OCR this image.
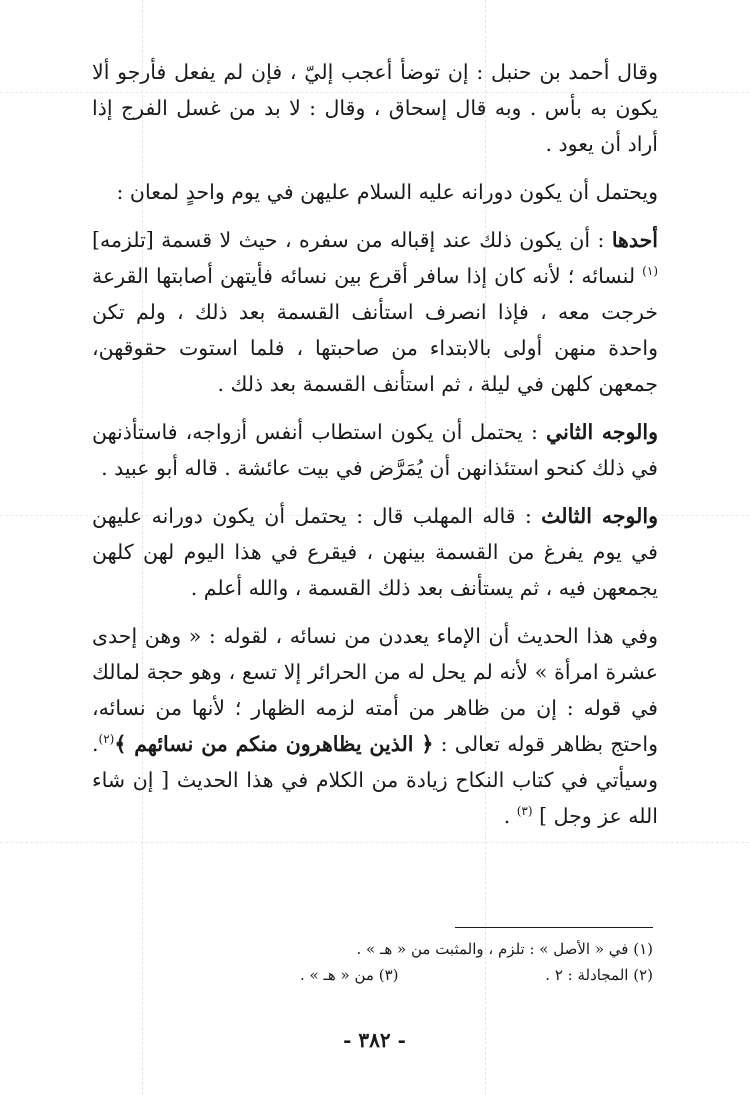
وقال أحمد بن حنبل : إن توضأ أعجب إليّ ، فإن لم يفعل فأرجو ألا يكون به بأس . وبه قال إسحاق ، وقال : لا بد من غسل الفرج إذا أراد أن يعود .

ويحتمل أن يكون دورانه عليه السلام عليهن في يوم واحدٍ لمعان :

أحدها : أن يكون ذلك عند إقباله من سفره ، حيث لا قسمة [تلزمه] $^{(١)}$ لنسائه ؛ لأنه كان إذا سافر أقرع بين نسائه فأيتهن أصابتها القرعة خرجت معه ، فإذا انصرف استأنف القسمة بعد ذلك ، ولم تكن واحدة منهن أولى بالابتداء من صاحبتها ، فلما استوت حقوقهن، جمعهن كلهن في ليلة ، ثم استأنف القسمة بعد ذلك .

والوجه الثاني : يحتمل أن يكون استطاب أنفس أزواجه، فاستأذنهن في ذلك كنحو استئذانهن أن يُمَرَّض في بيت عائشة . قاله أبو عبيد .

والوجه الثالث : قاله المهلب قال : يحتمل أن يكون دورانه عليهن في يوم يفرغ من القسمة بينهن ، فيقرع في هذا اليوم لهن كلهن يجمعهن فيه ، ثم يستأنف بعد ذلك القسمة ، والله أعلم .

وفي هذا الحديث أن الإماء يعددن من نسائه ، لقوله : « وهن إحدى عشرة امرأة » لأنه لم يحل له من الحرائر إلا تسع ، وهو حجة لمالك في قوله : إن من ظاهر من أمته لزمه الظهار ؛ لأنها من نسائه، واحتج بظاهر قوله تعالى : ﴿ الذين يظاهرون منكم من نسائهم ﴾$^{(٢)}$. وسيأتي في كتاب النكاح زيادة من الكلام في هذا الحديث [ إن شاء الله عز وجل ] $^{(٣)}$ .

(١) في « الأصل » : تلزم ، والمثبت من « هـ » .
(٢) المجادلة : ٢ .
(٣) من « هـ » .
- ٣٨٢ -
